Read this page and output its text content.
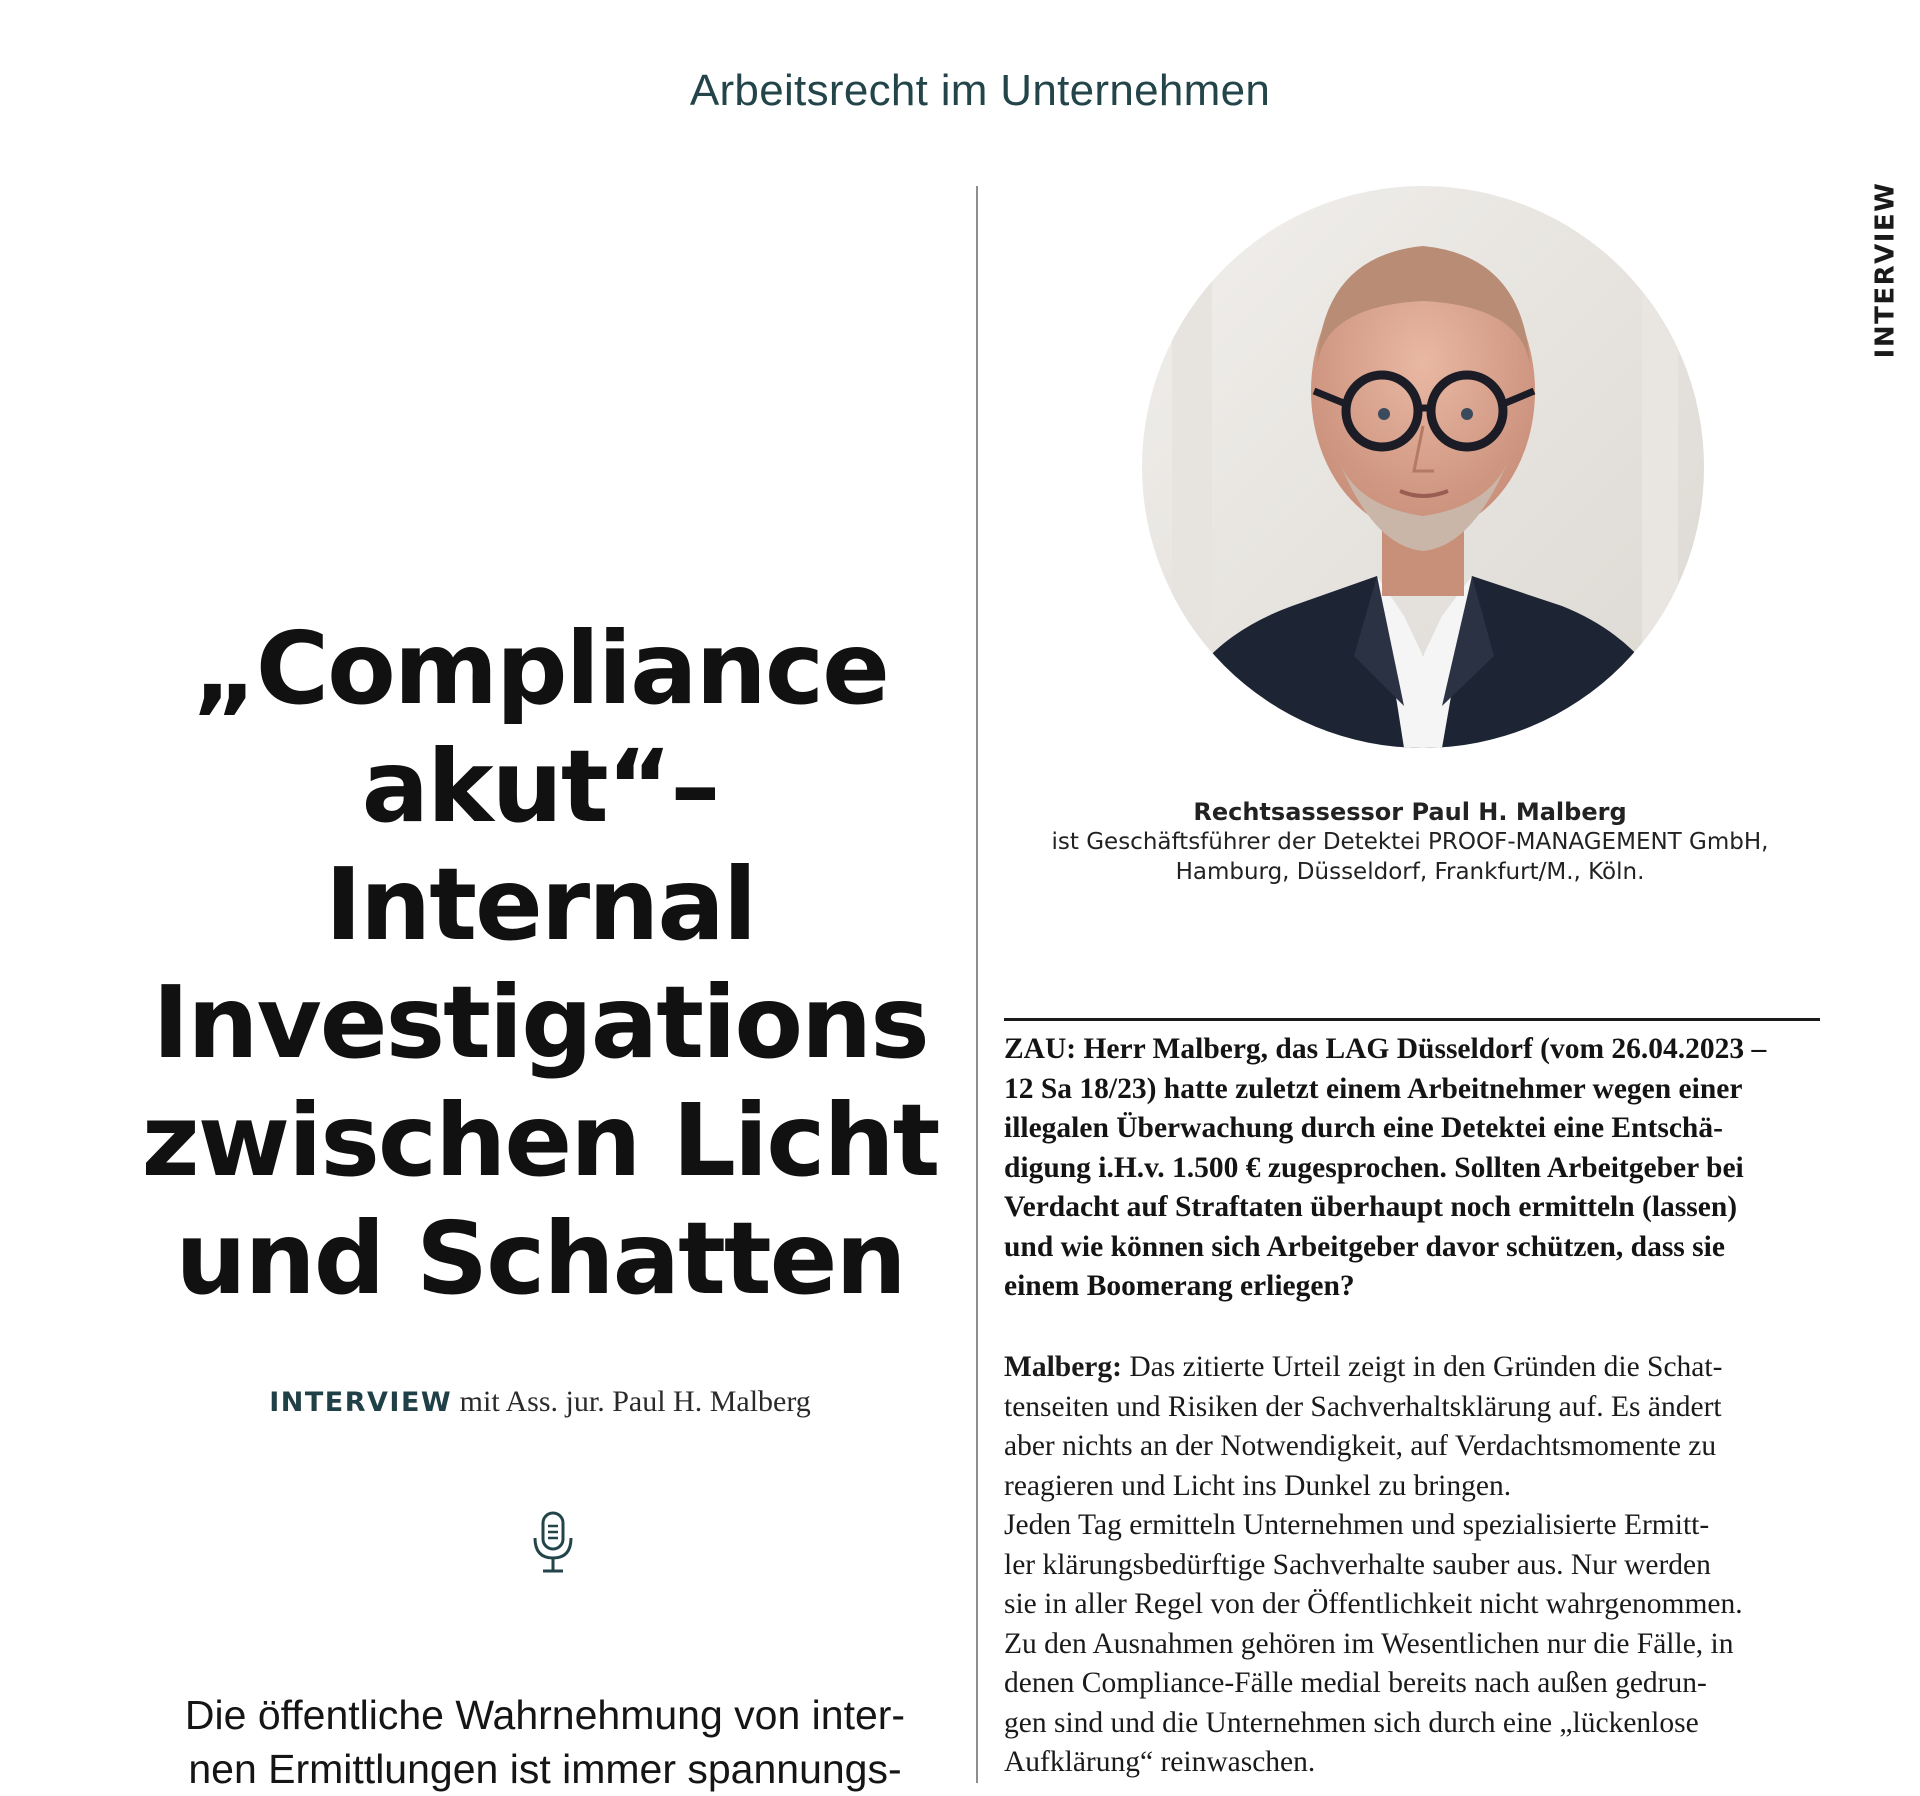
Arbeitsrecht im Unternehmen
INTERVIEW
„Compliance
akut“–
Internal
Investigations
zwischen Licht
und Schatten
INTERVIEW mit Ass. jur. Paul H. Malberg
Die öffentliche Wahrnehmung von inter-
nen Ermittlungen ist immer spannungs-
Rechtsassessor Paul H. Malberg
ist Geschäftsführer der Detektei PROOF-MANAGEMENT GmbH,
Hamburg, Düsseldorf, Frankfurt/M., Köln.
ZAU: Herr Malberg, das LAG Düsseldorf (vom 26.04.2023 –
12 Sa 18/23) hatte zuletzt einem Arbeitnehmer wegen einer
illegalen Überwachung durch eine Detektei eine Entschä-
digung i.H.v. 1.500 € zugesprochen. Sollten Arbeitgeber bei
Verdacht auf Straftaten überhaupt noch ermitteln (lassen)
und wie können sich Arbeitgeber davor schützen, dass sie
einem Boomerang erliegen?
Malberg: Das zitierte Urteil zeigt in den Gründen die Schat-
tenseiten und Risiken der Sachverhaltsklärung auf. Es ändert
aber nichts an der Notwendigkeit, auf Verdachtsmomente zu
reagieren und Licht ins Dunkel zu bringen.
Jeden Tag ermitteln Unternehmen und spezialisierte Ermitt-
ler klärungsbedürftige Sachverhalte sauber aus. Nur werden
sie in aller Regel von der Öffentlichkeit nicht wahrgenommen.
Zu den Ausnahmen gehören im Wesentlichen nur die Fälle, in
denen Compliance-Fälle medial bereits nach außen gedrun-
gen sind und die Unternehmen sich durch eine „lückenlose
Aufklärung“ reinwaschen.
